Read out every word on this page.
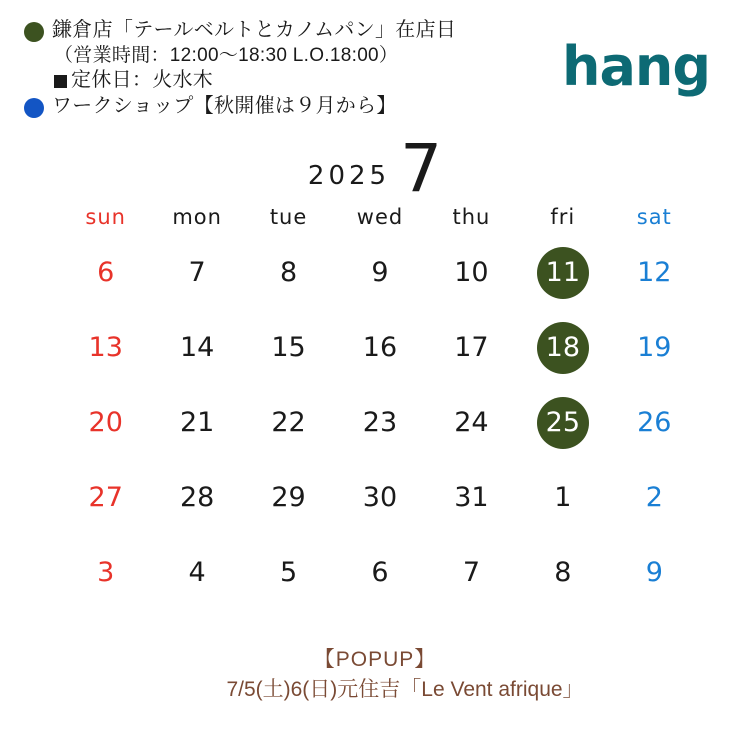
鎌倉店「テールベルトとカノムパン」在店日
（営業時間：12:00〜18:30 L.O.18:00）
定休日：火水木
ワークショップ【秋開催は９月から】
hang
2025 7
sun	mon	tue	wed	thu	fri	sat
6	7	8	9	10	11	12
13	14	15	16	17	18	19
20	21	22	23	24	25	26
27	28	29	30	31	1	2
3	4	5	6	7	8	9
【POPUP】
7/5(土)6(日)元住吉「Le Vent afrique」
